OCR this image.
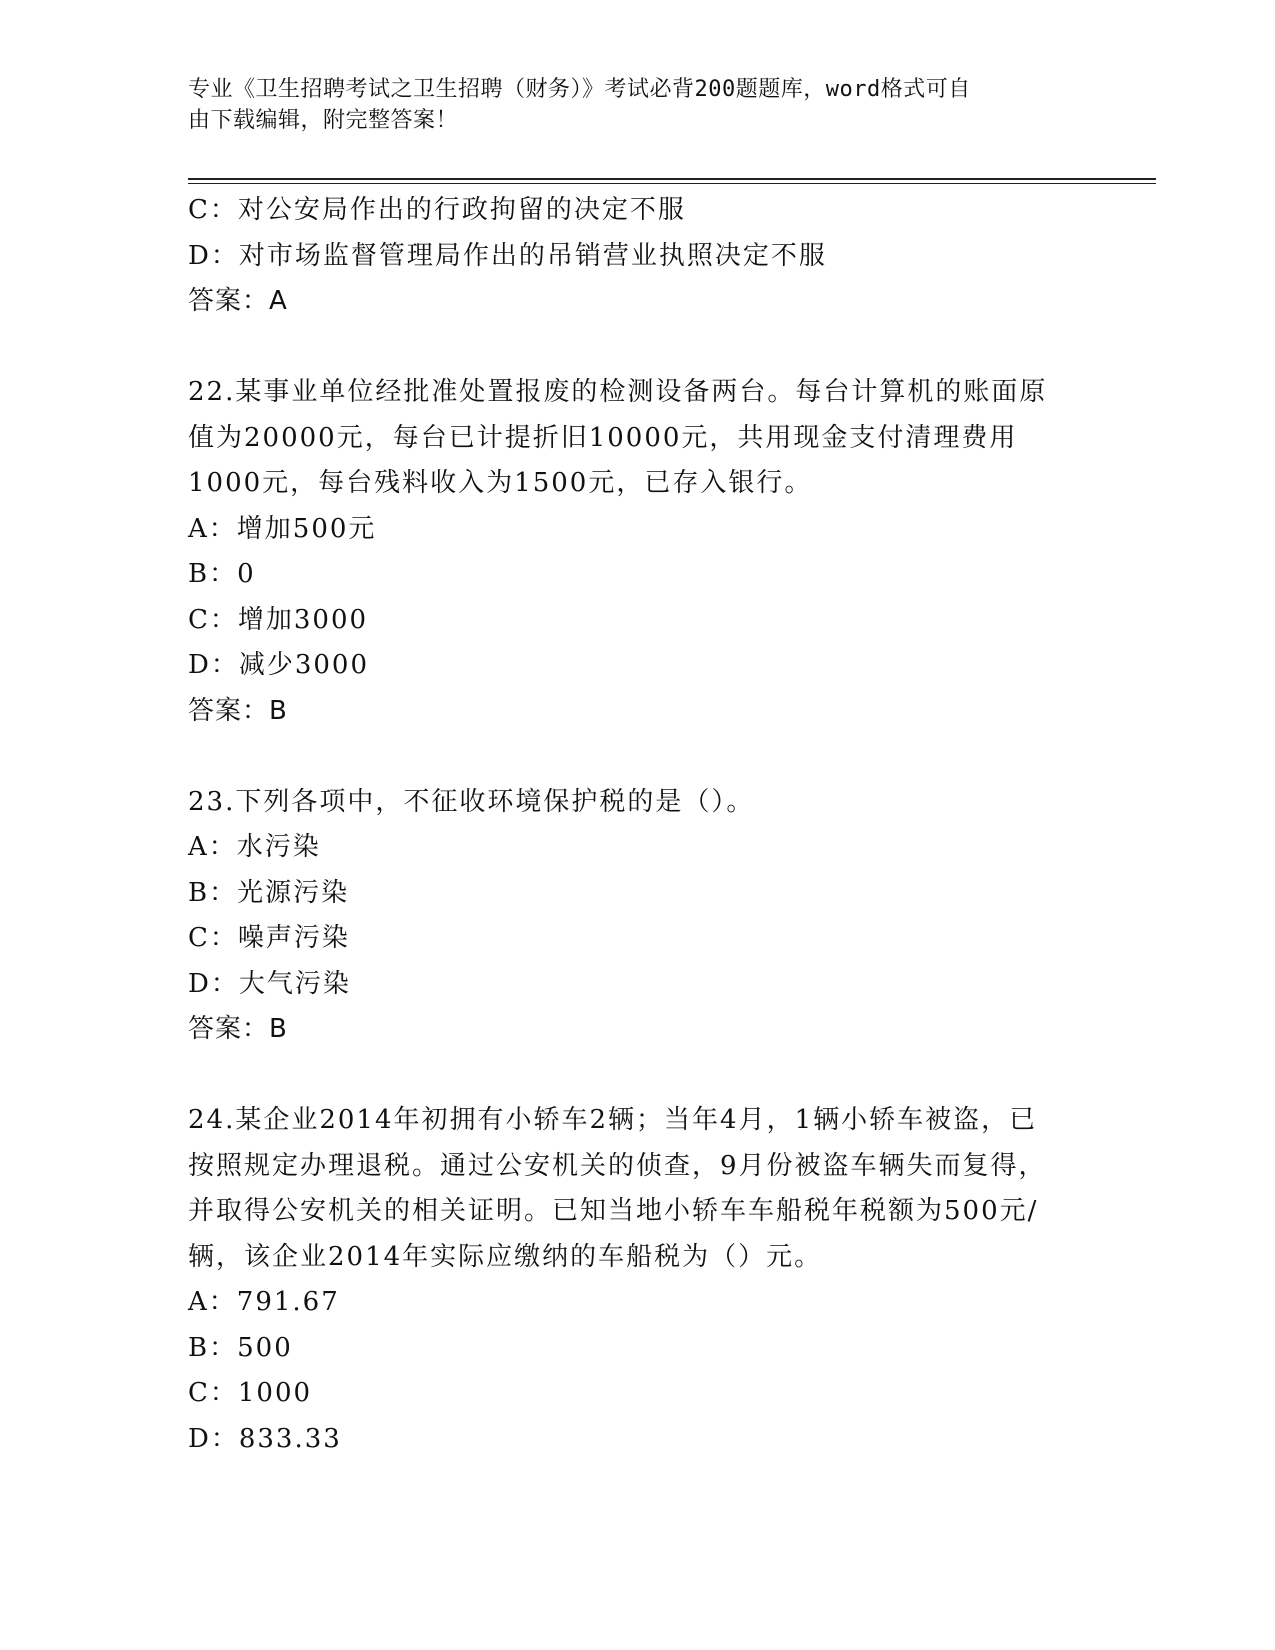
专业《卫生招聘考试之卫生招聘（财务）》考试必背200题题库，word格式可自
由下载编辑，附完整答案！
C：对公安局作出的行政拘留的决定不服
D：对市场监督管理局作出的吊销营业执照决定不服
答案：A
22.某事业单位经批准处置报废的检测设备两台。每台计算机的账面原
值为20000元，每台已计提折旧10000元，共用现金支付清理费用
1000元，每台残料收入为1500元，已存入银行。
A：增加500元
B：0
C：增加3000
D：减少3000
答案：B
23.下列各项中，不征收环境保护税的是（）。
A：水污染
B：光源污染
C：噪声污染
D：大气污染
答案：B
24.某企业2014年初拥有小轿车2辆；当年4月，1辆小轿车被盗，已
按照规定办理退税。通过公安机关的侦查，9月份被盗车辆失而复得，
并取得公安机关的相关证明。已知当地小轿车车船税年税额为500元/
辆，该企业2014年实际应缴纳的车船税为（）元。
A：791.67
B：500
C：1000
D：833.33
